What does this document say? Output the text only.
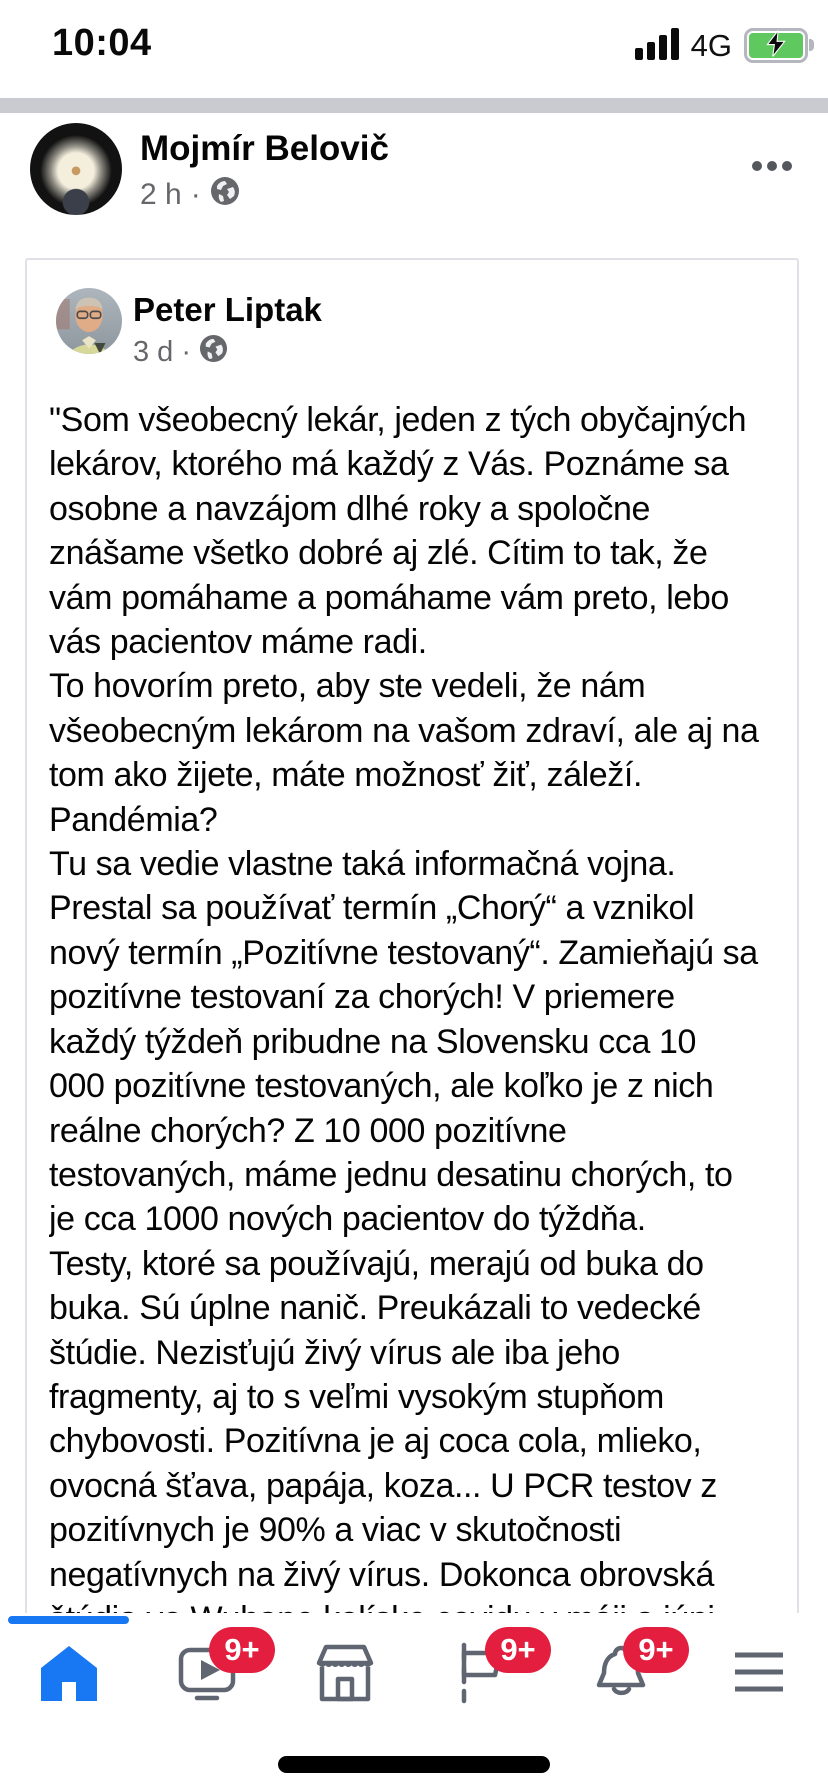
10:04	4G
Mojmír Belovič
2 h ·
Peter Liptak
3 d ·
"Som všeobecný lekár, jeden z tých obyčajných
lekárov, ktorého má každý z Vás. Poznáme sa
osobne a navzájom dlhé roky a spoločne
znášame všetko dobré aj zlé. Cítim to tak, že
vám pomáhame a pomáhame vám preto, lebo
vás pacientov máme radi.
To hovorím preto, aby ste vedeli, že nám
všeobecným lekárom na vašom zdraví, ale aj na
tom ako žijete, máte možnosť žiť, záleží.
Pandémia?
Tu sa vedie vlastne taká informačná vojna.
Prestal sa používať termín „Chorý“ a vznikol
nový termín „Pozitívne testovaný“. Zamieňajú sa
pozitívne testovaní za chorých! V priemere
každý týždeň pribudne na Slovensku cca 10
000 pozitívne testovaných, ale koľko je z nich
reálne chorých? Z 10 000 pozitívne
testovaných, máme jednu desatinu chorých, to
je cca 1000 nových pacientov do týždňa.
Testy, ktoré sa používajú, merajú od buka do
buka. Sú úplne nanič. Preukázali to vedecké
štúdie. Nezisťujú živý vírus ale iba jeho
fragmenty, aj to s veľmi vysokým stupňom
chybovosti. Pozitívna je aj coca cola, mlieko,
ovocná šťava, papája, koza... U PCR testov z
pozitívnych je 90% a viac v skutočnosti
negatívnych na živý vírus. Dokonca obrovská
9+	9+	9+
